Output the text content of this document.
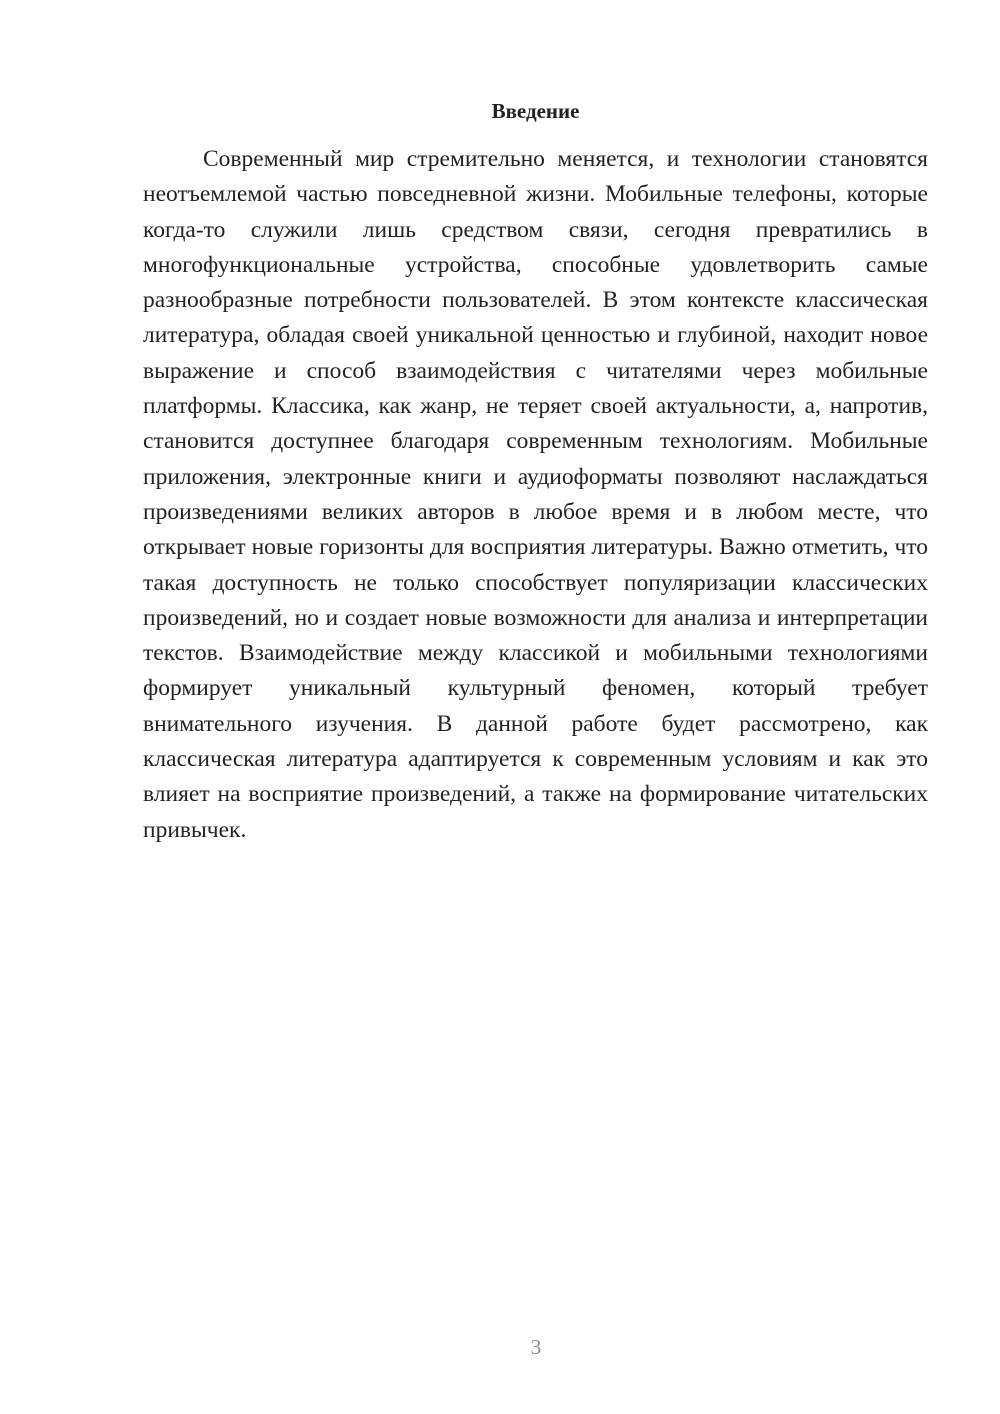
Введение

Современный мир стремительно меняется, и технологии становятся неотъемлемой частью повседневной жизни. Мобильные телефоны, которые когда-то служили лишь средством связи, сегодня превратились в многофункциональные устройства, способные удовлетворить самые разнообразные потребности пользователей. В этом контексте классическая литература, обладая своей уникальной ценностью и глубиной, находит новое выражение и способ взаимодействия с читателями через мобильные платформы. Классика, как жанр, не теряет своей актуальности, а, напротив, становится доступнее благодаря современным технологиям. Мобильные приложения, электронные книги и аудиоформаты позволяют наслаждаться произведениями великих авторов в любое время и в любом месте, что открывает новые горизонты для восприятия литературы. Важно отметить, что такая доступность не только способствует популяризации классических произведений, но и создает новые возможности для анализа и интерпретации текстов. Взаимодействие между классикой и мобильными технологиями формирует уникальный культурный феномен, который требует внимательного изучения. В данной работе будет рассмотрено, как классическая литература адаптируется к современным условиям и как это влияет на восприятие произведений, а также на формирование читательских привычек.

3
